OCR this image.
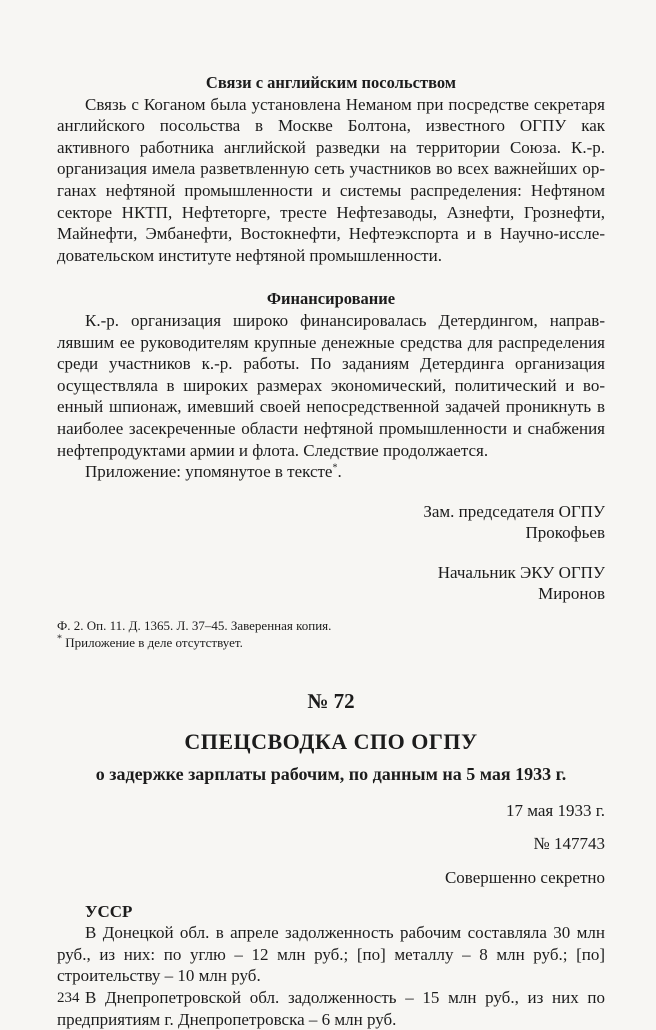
Связи с английским посольством

Связь с Коганом была установлена Неманом при посредстве секретаря английского посольства в Москве Болтона, известного ОГПУ как активного работника английской разведки на территории Союза. К.-р. организация имела разветвленную сеть участников во всех важнейших органах нефтяной промышленности и системы распределения: Нефтяном секторе НКТП, Нефтеторге, тресте Нефтезаводы, Азнефти, Грознефти, Майнефти, Эмбанефти, Востокнефти, Нефтеэкспорта и в Научно-исследовательском институте нефтяной промышленности.

Финансирование

К.-р. организация широко финансировалась Детердингом, направлявшим ее руководителям крупные денежные средства для распределения среди участников к.-р. работы. По заданиям Детердинга организация осуществляла в широких размерах экономический, политический и военный шпионаж, имевший своей непосредственной задачей проникнуть в наиболее засекреченные области нефтяной промышленности и снабжения нефтепродуктами армии и флота. Следствие продолжается.

Приложение: упомянутое в тексте*.

Зам. председателя ОГПУ

Прокофьев

Начальник ЭКУ ОГПУ

Миронов

Ф. 2. Оп. 11. Д. 1365. Л. 37–45. Заверенная копия.

* Приложение в деле отсутствует.

№ 72

СПЕЦСВОДКА СПО ОГПУ

о задержке зарплаты рабочим, по данным на 5 мая 1933 г.

17 мая 1933 г.

№ 147743

Совершенно секретно

УССР

В Донецкой обл. в апреле задолженность рабочим составляла 30 млн руб., из них: по углю – 12 млн руб.; [по] металлу – 8 млн руб.; [по] строительству – 10 млн руб.

В Днепропетровской обл. задолженность – 15 млн руб., из них по предприятиям г. Днепропетровска – 6 млн руб.

234
